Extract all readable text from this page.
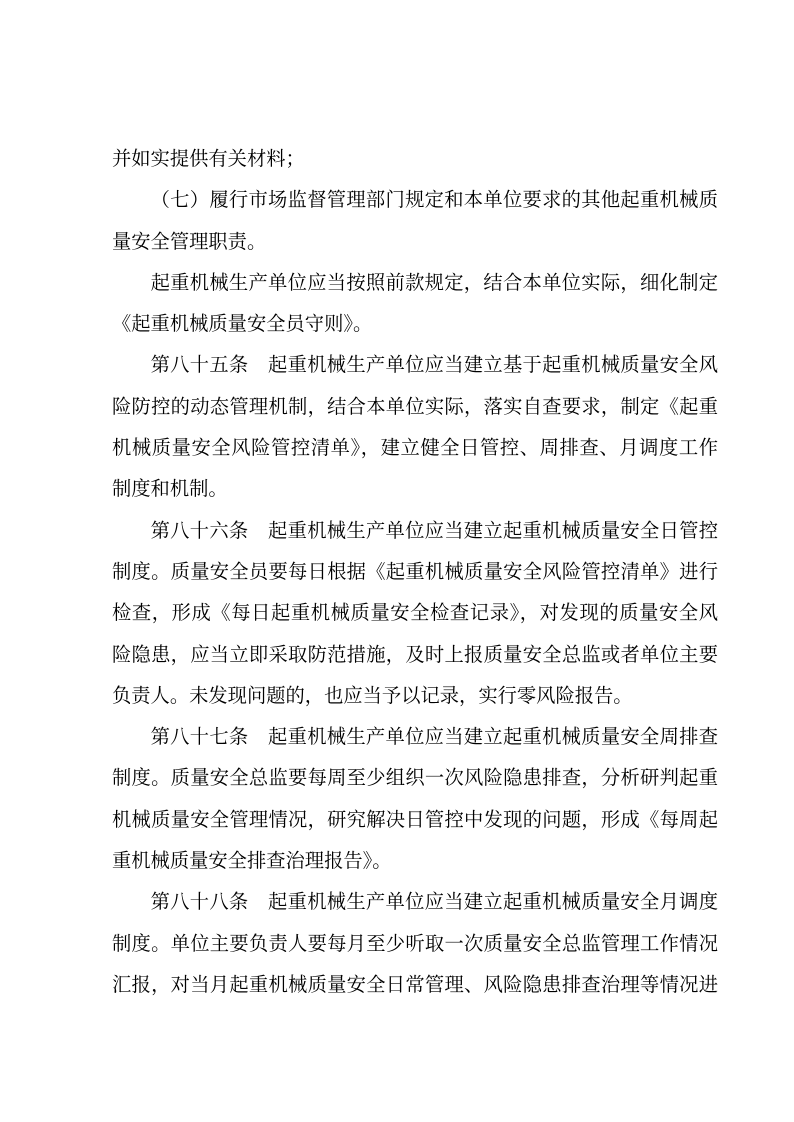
并如实提供有关材料；
（七）履行市场监督管理部门规定和本单位要求的其他起重机械质
量安全管理职责。
起重机械生产单位应当按照前款规定，结合本单位实际，细化制定
《起重机械质量安全员守则》。
第八十五条　起重机械生产单位应当建立基于起重机械质量安全风
险防控的动态管理机制，结合本单位实际，落实自查要求，制定《起重
机械质量安全风险管控清单》，建立健全日管控、周排查、月调度工作
制度和机制。
第八十六条　起重机械生产单位应当建立起重机械质量安全日管控
制度。质量安全员要每日根据《起重机械质量安全风险管控清单》进行
检查，形成《每日起重机械质量安全检查记录》，对发现的质量安全风
险隐患，应当立即采取防范措施，及时上报质量安全总监或者单位主要
负责人。未发现问题的，也应当予以记录，实行零风险报告。
第八十七条　起重机械生产单位应当建立起重机械质量安全周排查
制度。质量安全总监要每周至少组织一次风险隐患排查，分析研判起重
机械质量安全管理情况，研究解决日管控中发现的问题，形成《每周起
重机械质量安全排查治理报告》。
第八十八条　起重机械生产单位应当建立起重机械质量安全月调度
制度。单位主要负责人要每月至少听取一次质量安全总监管理工作情况
汇报，对当月起重机械质量安全日常管理、风险隐患排查治理等情况进
